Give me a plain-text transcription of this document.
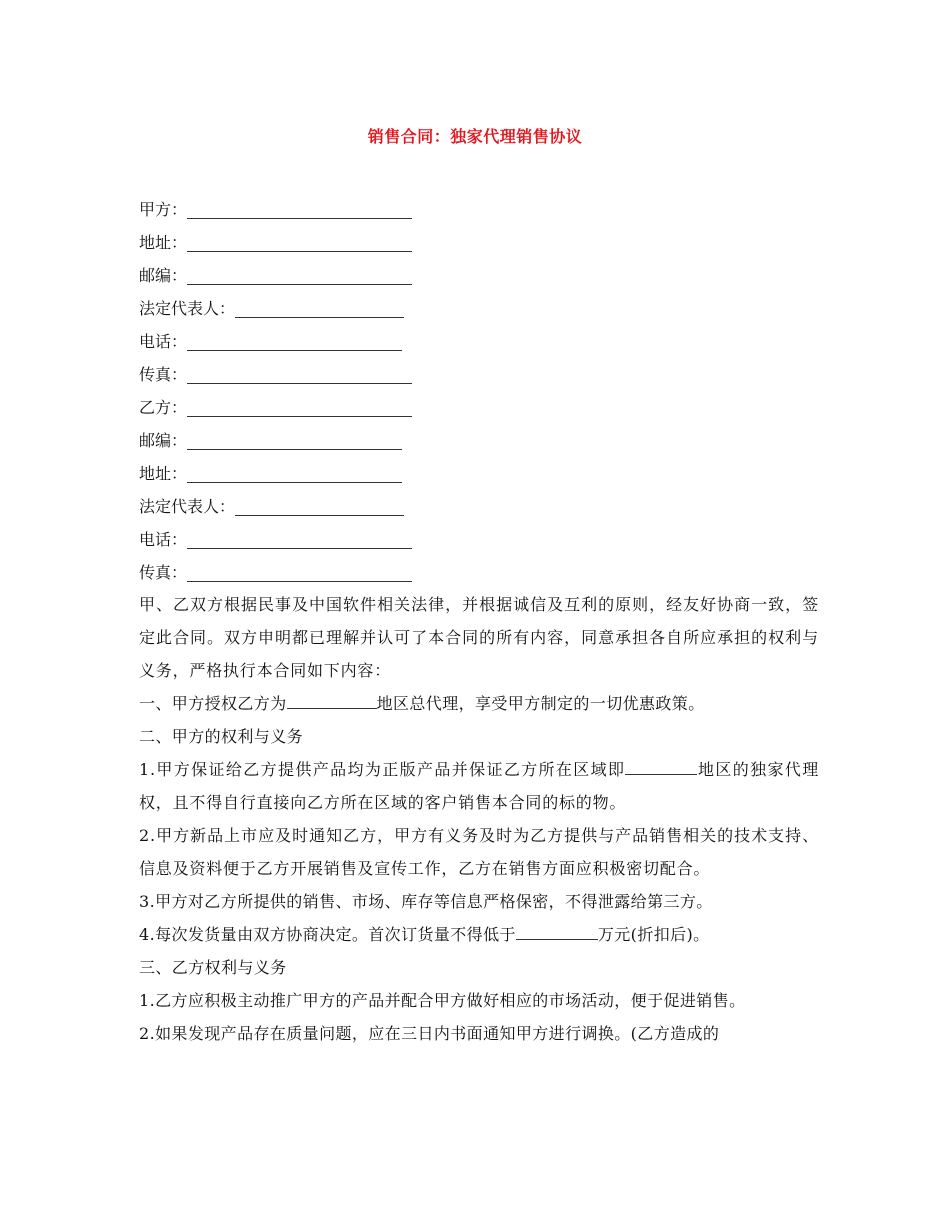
销售合同：独家代理销售协议
甲方：
地址：
邮编：
法定代表人：
电话：
传真：
乙方：
邮编：
地址：
法定代表人：
电话：
传真：

甲、乙双方根据民事及中国软件相关法律，并根据诚信及互利的原则，经友好协商一致，签定此合同。双方申明都已理解并认可了本合同的所有内容，同意承担各自所应承担的权利与义务，严格执行本合同如下内容：

一、甲方授权乙方为	地区总代理，享受甲方制定的一切优惠政策。

二、甲方的权利与义务

1.甲方保证给乙方提供产品均为正版产品并保证乙方所在区域即	地区的独家代理权，且不得自行直接向乙方所在区域的客户销售本合同的标的物。

2.甲方新品上市应及时通知乙方，甲方有义务及时为乙方提供与产品销售相关的技术支持、信息及资料便于乙方开展销售及宣传工作，乙方在销售方面应积极密切配合。

3.甲方对乙方所提供的销售、市场、库存等信息严格保密，不得泄露给第三方。

4.每次发货量由双方协商决定。首次订货量不得低于	万元(折扣后)。

三、乙方权利与义务

1.乙方应积极主动推广甲方的产品并配合甲方做好相应的市场活动，便于促进销售。

2.如果发现产品存在质量问题，应在三日内书面通知甲方进行调换。(乙方造成的
